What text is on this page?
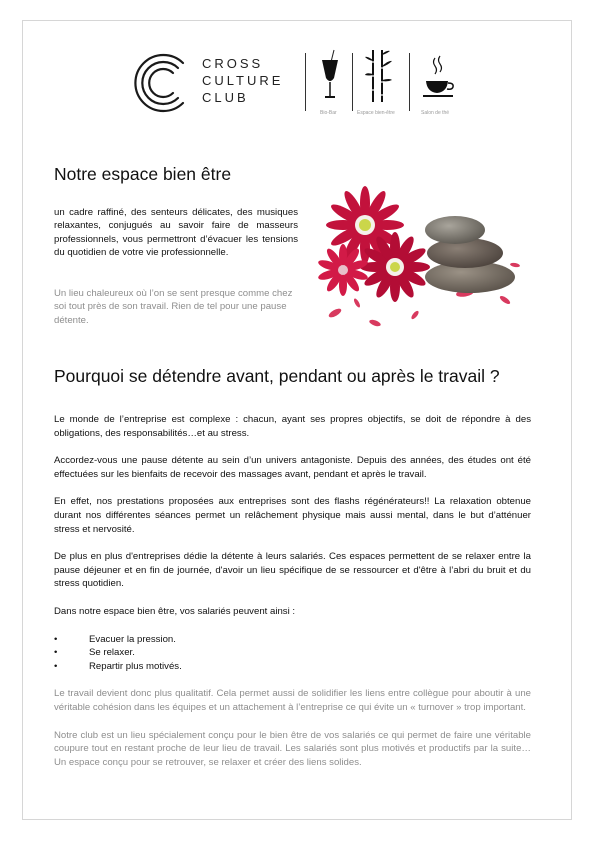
CROSS
CULTURE
CLUB
Bio-Bar	Espace bien-être	Salon de thé
Notre espace bien être

un cadre raffiné, des senteurs délicates, des musiques relaxantes, conjugués au savoir faire de masseurs professionnels, vous permettront d’évacuer les tensions du quotidien de votre vie professionnelle.

Un lieu chaleureux où l’on se sent presque comme chez soi tout près de son travail. Rien de tel pour une pause détente.

Pourquoi se détendre avant, pendant ou après le travail ?

Le monde de l’entreprise est complexe : chacun, ayant ses propres objectifs, se doit de répondre à des obligations, des responsabilités…et au stress.

Accordez-vous une pause détente au sein d’un univers antagoniste. Depuis des années, des études ont été effectuées sur les bienfaits de recevoir des massages avant, pendant et après le travail.

En effet, nos prestations proposées aux entreprises sont des flashs régénérateurs!! La relaxation obtenue durant nos différentes séances permet un relâchement physique mais aussi mental, dans le but d’atténuer stress et nervosité.

De plus en plus d'entreprises dédie la détente à leurs salariés. Ces espaces permettent de se relaxer entre la pause déjeuner et en fin de journée, d'avoir un lieu spécifique de se ressourcer et d'être à l’abri du bruit et du stress quotidien.

Dans notre espace bien être, vos salariés peuvent ainsi :

•	Evacuer la pression.
•	Se relaxer.
•	Repartir plus motivés.

Le travail devient donc plus qualitatif. Cela permet aussi de solidifier les liens entre collègue pour aboutir à une véritable cohésion dans les équipes et un attachement à l’entreprise ce qui évite un « turnover » trop important.

Notre club est un lieu spécialement conçu pour le bien être de vos salariés ce qui permet de faire une véritable coupure tout en restant proche de leur lieu de travail. Les salariés sont plus motivés et productifs par la suite…Un espace conçu pour se retrouver, se relaxer et créer des liens solides.
